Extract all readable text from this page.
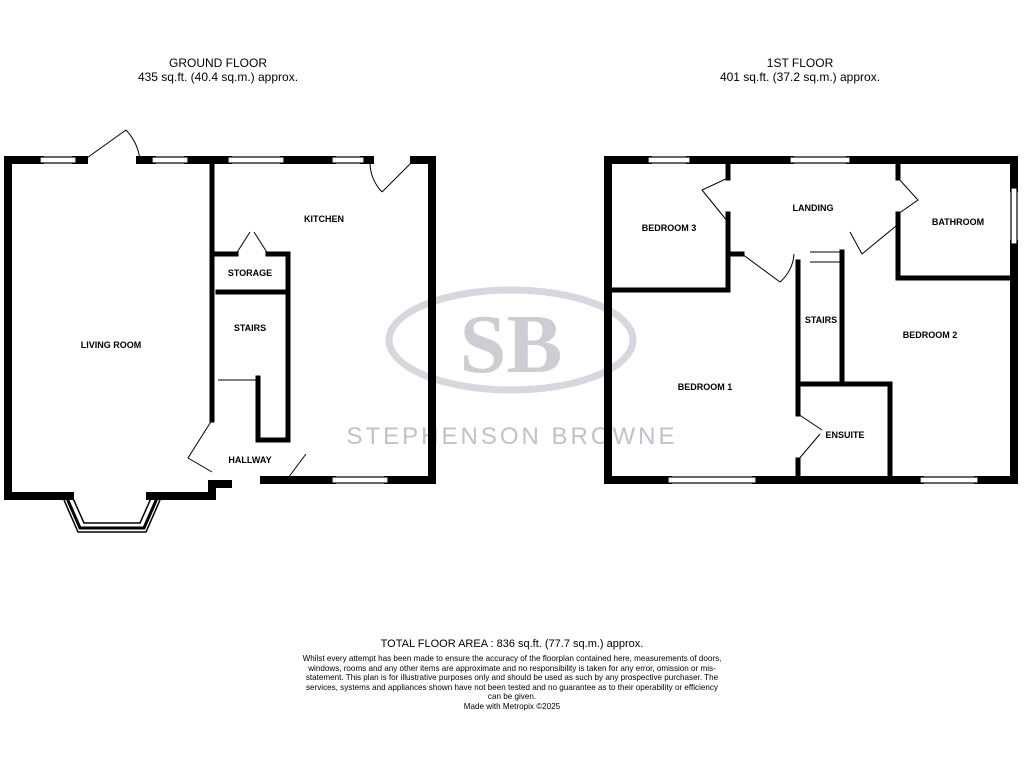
GROUND FLOOR
435 sq.ft. (40.4 sq.m.) approx.
1ST FLOOR
401 sq.ft. (37.2 sq.m.) approx.
SB
STEPHENSON BROWNE
LIVING ROOM
KITCHEN
STORAGE
STAIRS
HALLWAY
BEDROOM 3
LANDING
BATHROOM
STAIRS
BEDROOM 2
BEDROOM 1
ENSUITE
TOTAL FLOOR AREA : 836 sq.ft. (77.7 sq.m.) approx.
Whilst every attempt has been made to ensure the accuracy of the floorplan contained here, measurements of doors, windows, rooms and any other items are approximate and no responsibility is taken for any error, omission or mis-statement. This plan is for illustrative purposes only and should be used as such by any prospective purchaser. The services, systems and appliances shown have not been tested and no guarantee as to their operability or efficiency can be given.
Made with Metropix ©2025
